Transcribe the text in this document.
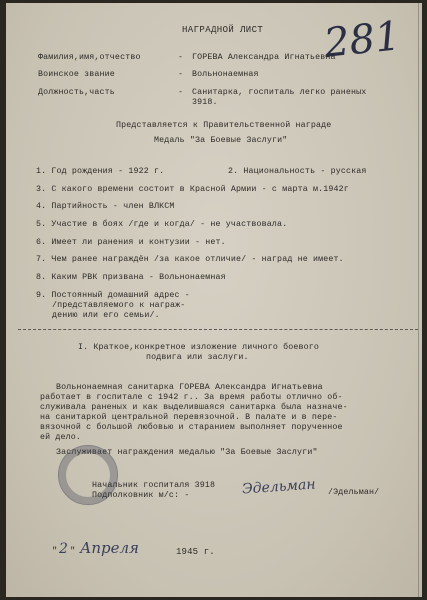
НАГРАДНОЙ ЛИСТ 281
Фамилия,имя,отчество	- ГОРЕВА Александра Игнатьевна
Воинское звание	- Вольнонаемная
Должность,часть	- Санитарка, госпиталь легко раненых
3918.
Представляется к Правительственной награде
Медаль "За Боевые Заслуги"
1. Год рождения - 1922 г.	2. Национальность - русская
3. С какого времени состоит в Красной Армии - с марта м.1942г
4. Партийность - член ВЛКСМ
5. Участие в боях /где и когда/ - не участвовала.
6. Имеет ли ранения и контузии - нет.
7. Чем ранее награждён /за какое отличие/ - наград не имеет.
8. Каким РВК призвана - Вольнонаемная
9. Постоянный домашний адрес -
/представляемого к награж-
дению или его семьи/.
I. Краткое,конкретное изложение личного боевого
подвига или заслуги.
Вольнонаемная санитарка ГОРЕВА Александра Игнатьевна
работает в госпитале с 1942 г.. За время работы отлично об-
служивала раненых и как выделившаяся санитарка была назначе-
на санитаркой центральной перевязочной. В палате и в пере-
вязочной с большой любовью и старанием выполняет порученное
ей дело.
Заслуживает награждения медалью "За Боевые Заслуги"
Начальник госпиталя 3918
Подполковник м/с: -	Эдельман /Эдельман/
" 2 " Апреля	1945 г.
